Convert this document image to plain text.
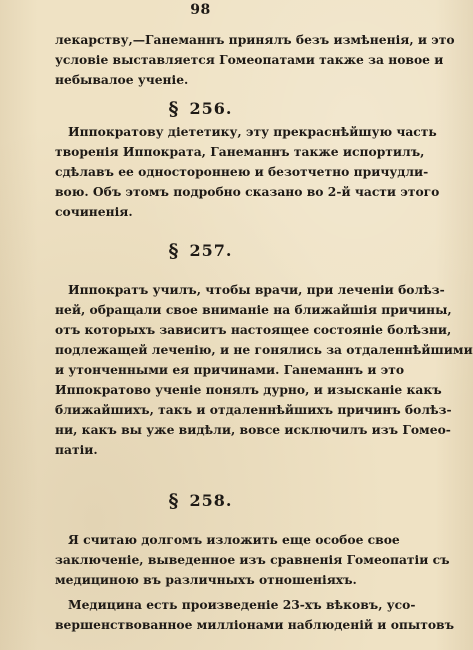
98
лекарству,—Ганеманнъ принялъ безъ измѣненія, и это
условіе выставляется Гомеопатами также за новое и
небывалое ученіе.
§ 256.
Иппократову діететику, эту прекраснѣйшую часть
творенія Иппократа, Ганеманнъ также испортилъ,
сдѣлавъ ее одностороннею и безотчетно причудли-
вою. Объ этомъ подробно сказано во 2-й части этого
сочиненія.
§ 257.
Иппократъ училъ, чтобы врачи, при леченіи болѣз-
ней, обращали свое вниманіе на ближайшія причины,
отъ которыхъ зависитъ настоящее состояніе болѣзни,
подлежащей леченію, и не гонялись за отдаленнѣйшими
и утонченными ея причинами. Ганеманнъ и это
Иппократово ученіе понялъ дурно, и изысканіе какъ
ближайшихъ, такъ и отдаленнѣйшихъ причинъ болѣз-
ни, какъ вы уже видѣли, вовсе исключилъ изъ Гомео-
патіи.
§ 258.
Я считаю долгомъ изложить еще особое свое
заключеніе, выведенное изъ сравненія Гомеопатіи съ
медициною въ различныхъ отношеніяхъ.
Медицина есть произведеніе 23-хъ вѣковъ, усо-
вершенствованное милліонами наблюденій и опытовъ
